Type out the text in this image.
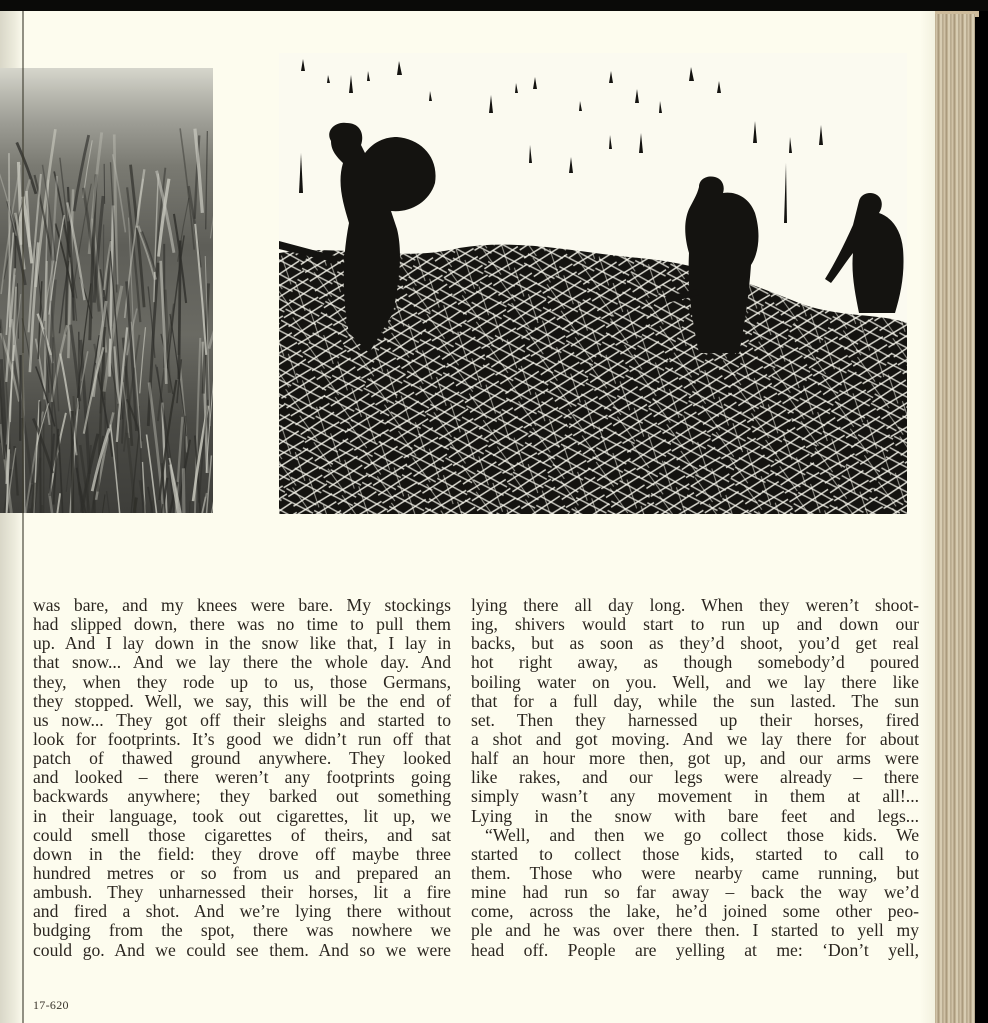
was bare, and my knees were bare. My stockings
had slipped down, there was no time to pull them
up. And I lay down in the snow like that, I lay in
that snow... And we lay there the whole day. And
they, when they rode up to us, those Germans,
they stopped. Well, we say, this will be the end of
us now... They got off their sleighs and started to
look for footprints. It’s good we didn’t run off that
patch of thawed ground anywhere. They looked
and looked – there weren’t any footprints going
backwards anywhere; they barked out something
in their language, took out cigarettes, lit up, we
could smell those cigarettes of theirs, and sat
down in the field: they drove off maybe three
hundred metres or so from us and prepared an
ambush. They unharnessed their horses, lit a fire
and fired a shot. And we’re lying there without
budging from the spot, there was nowhere we
could go. And we could see them. And so we were
lying there all day long. When they weren’t shoot-
ing, shivers would start to run up and down our
backs, but as soon as they’d shoot, you’d get real
hot right away, as though somebody’d poured
boiling water on you. Well, and we lay there like
that for a full day, while the sun lasted. The sun
set. Then they harnessed up their horses, fired
a shot and got moving. And we lay there for about
half an hour more then, got up, and our arms were
like rakes, and our legs were already – there
simply wasn’t any movement in them at all!...
Lying in the snow with bare feet and legs...
“Well, and then we go collect those kids. We
started to collect those kids, started to call to
them. Those who were nearby came running, but
mine had run so far away – back the way we’d
come, across the lake, he’d joined some other peo-
ple and he was over there then. I started to yell my
head off. People are yelling at me: ‘Don’t yell,
17-620
